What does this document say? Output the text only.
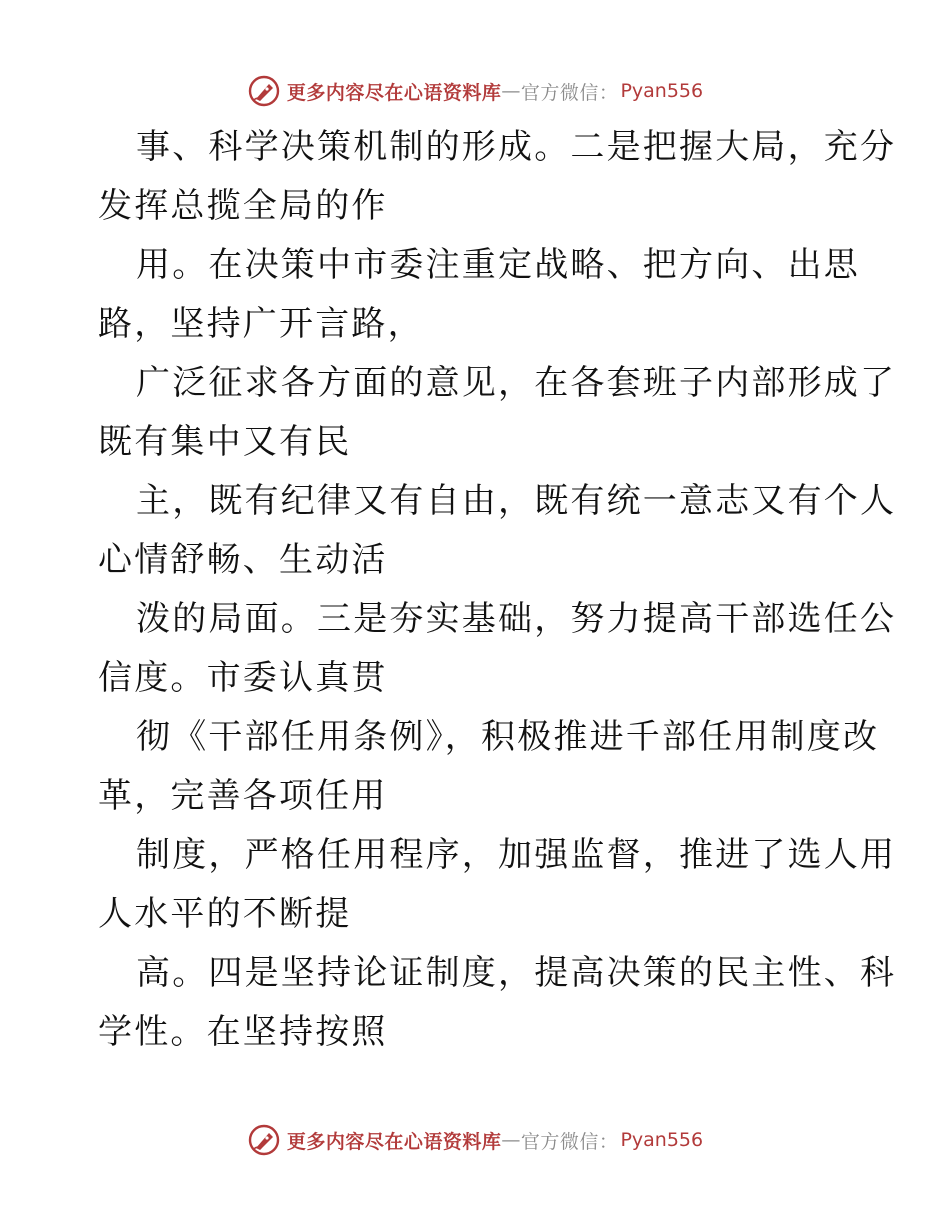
更多内容尽在心语资料库 — 官方微信： Pyan556

事、科学决策机制的形成。二是把握大局，充分
发挥总揽全局的作

用。在决策中市委注重定战略、把方向、出思
路，坚持广开言路，

广泛征求各方面的意见，在各套班子内部形成了
既有集中又有民

主，既有纪律又有自由，既有统一意志又有个人
心情舒畅、生动活

泼的局面。三是夯实基础，努力提高干部选任公
信度。市委认真贯

彻《干部任用条例》，积极推进千部任用制度改
革，完善各项任用

制度，严格任用程序，加强监督，推进了选人用
人水平的不断提

高。四是坚持论证制度，提高决策的民主性、科
学性。在坚持按照

更多内容尽在心语资料库 — 官方微信： Pyan556
